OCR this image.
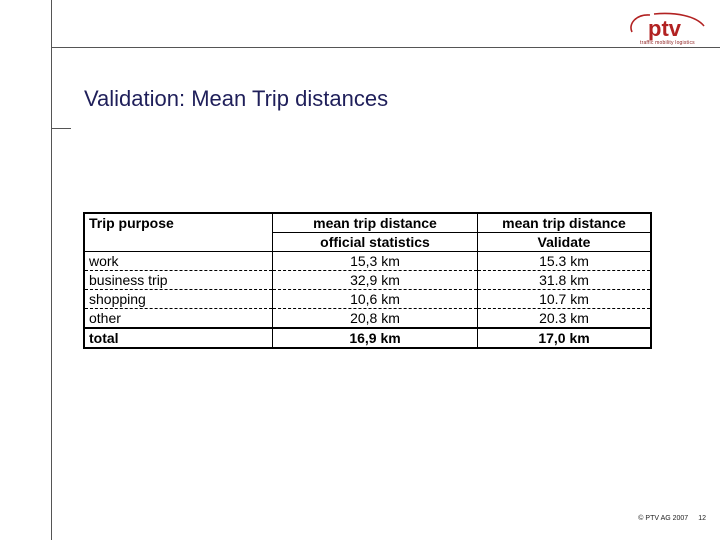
ptv
traffic mobility logistics
Validation: Mean Trip distances
Trip purpose	mean trip distance	mean trip distance
	official statistics	Validate
work	15,3 km	15.3 km
business trip	32,9 km	31.8 km
shopping	10,6 km	10.7 km
other	20,8 km	20.3 km
total	16,9 km	17,0 km
© PTV AG 2007 12
